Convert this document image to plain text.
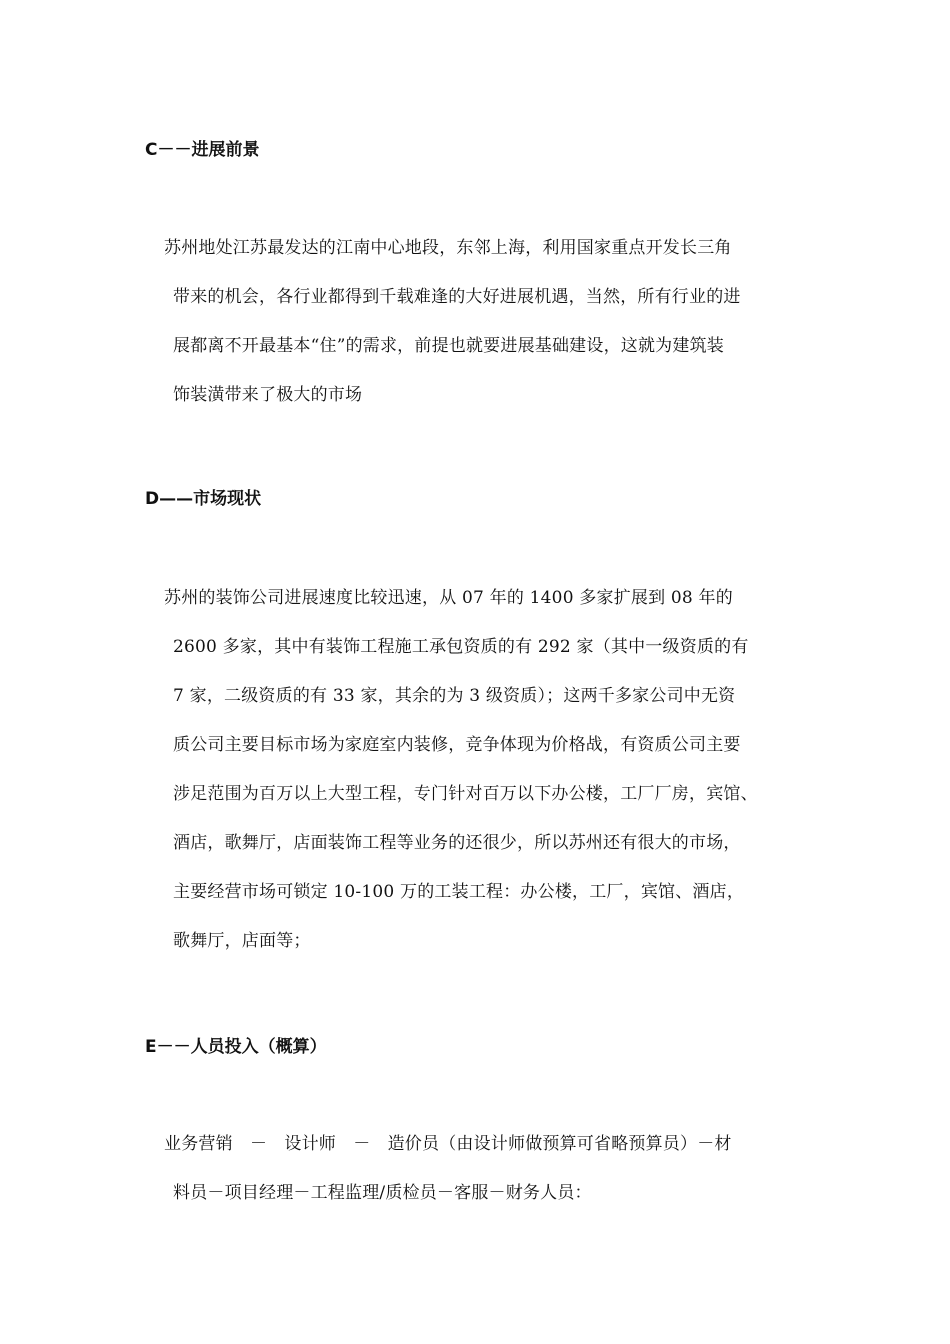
C－－进展前景
苏州地处江苏最发达的江南中心地段，东邻上海，利用国家重点开发长三角
带来的机会，各行业都得到千载难逢的大好进展机遇，当然，所有行业的进
展都离不开最基本“住”的需求，前提也就要进展基础建设，这就为建筑装
饰装潢带来了极大的市场
D——市场现状
苏州的装饰公司进展速度比较迅速，从 07 年的 1400 多家扩展到 08 年的
2600 多家，其中有装饰工程施工承包资质的有 292 家（其中一级资质的有
7 家，二级资质的有 33 家，其余的为 3 级资质）；这两千多家公司中无资
质公司主要目标市场为家庭室内装修，竞争体现为价格战，有资质公司主要
涉足范围为百万以上大型工程，专门针对百万以下办公楼，工厂厂房，宾馆、
酒店，歌舞厅，店面装饰工程等业务的还很少，所以苏州还有很大的市场，
主要经营市场可锁定 10-100 万的工装工程：办公楼，工厂，宾馆、酒店，
歌舞厅，店面等；
E－－人员投入（概算）
业务营销　－　设计师　－　造价员（由设计师做预算可省略预算员）－材
料员－项目经理－工程监理/质检员－客服－财务人员：
